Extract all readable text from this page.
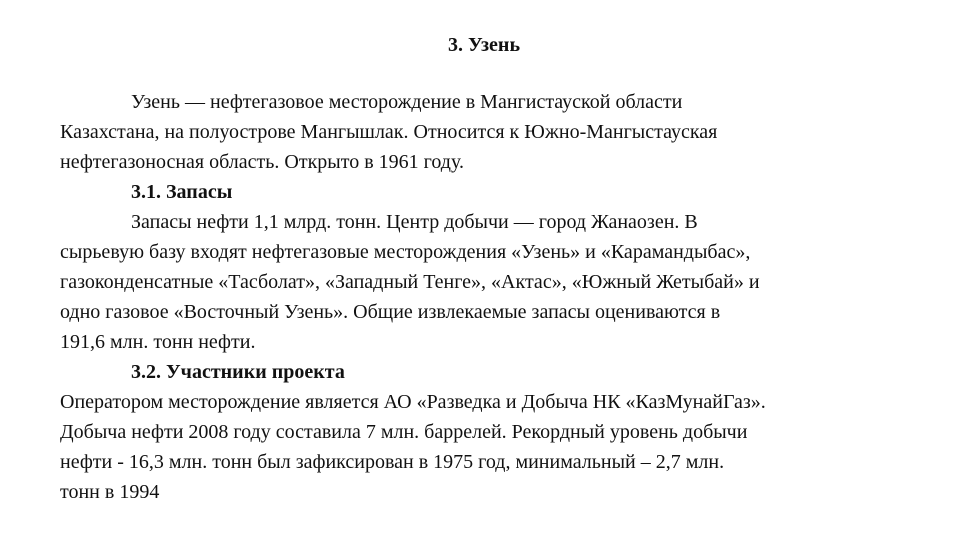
3. Узень
Узень — нефтегазовое месторождение в Мангистауской области
Казахстана, на полуострове Мангышлак. Относится к Южно-Мангыстауская
нефтегазоносная область. Открыто в 1961 году.
3.1. Запасы
Запасы нефти 1,1 млрд. тонн. Центр добычи — город Жанаозен. В
сырьевую базу входят нефтегазовые месторождения «Узень» и «Карамандыбас»,
газоконденсатные «Тасболат», «Западный Тенге», «Актас», «Южный Жетыбай» и
одно газовое «Восточный Узень». Общие извлекаемые запасы оцениваются в
191,6 млн. тонн нефти.
3.2. Участники проекта
Оператором месторождение является АО «Разведка и Добыча НК «КазМунайГаз».
Добыча нефти 2008 году составила 7 млн. баррелей. Рекордный уровень добычи
нефти - 16,3 млн. тонн был зафиксирован в 1975 год, минимальный – 2,7 млн.
тонн в 1994
